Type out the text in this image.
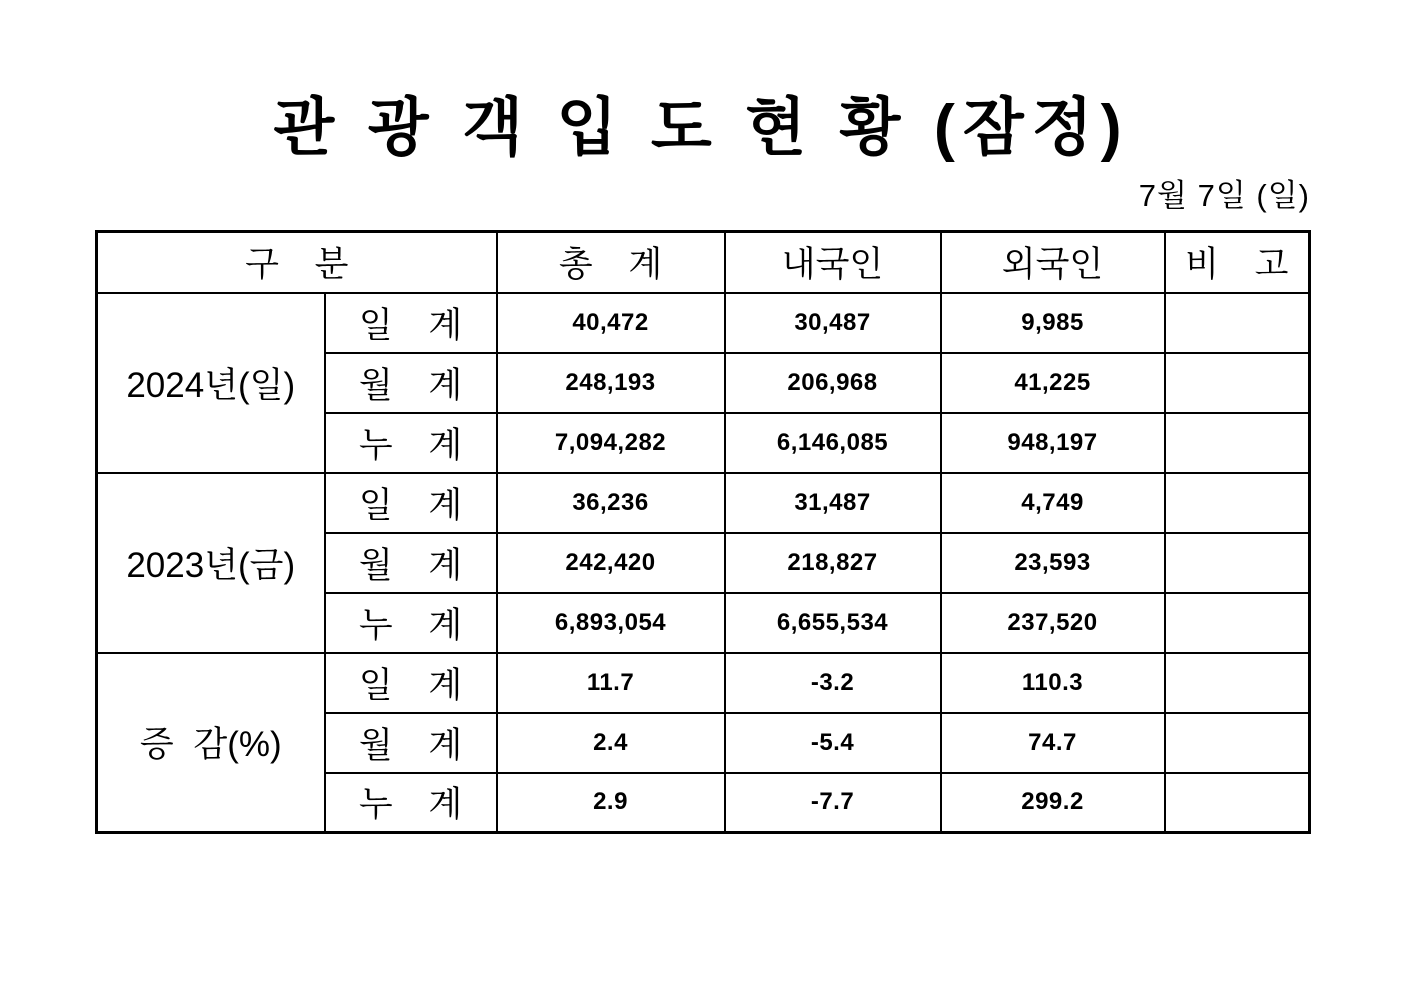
관 광 객 입 도 현 황 (잠정)
7월 7일 (일)
구 분		총 계	내국인	외국인	비 고
2024년(일)	일 계	40,472	30,487	9,985	
	월 계	248,193	206,968	41,225	
	누 계	7,094,282	6,146,085	948,197	
2023년(금)	일 계	36,236	31,487	4,749	
	월 계	242,420	218,827	23,593	
	누 계	6,893,054	6,655,534	237,520	
증 감(%)	일 계	11.7	-3.2	110.3	
	월 계	2.4	-5.4	74.7	
	누 계	2.9	-7.7	299.2	
